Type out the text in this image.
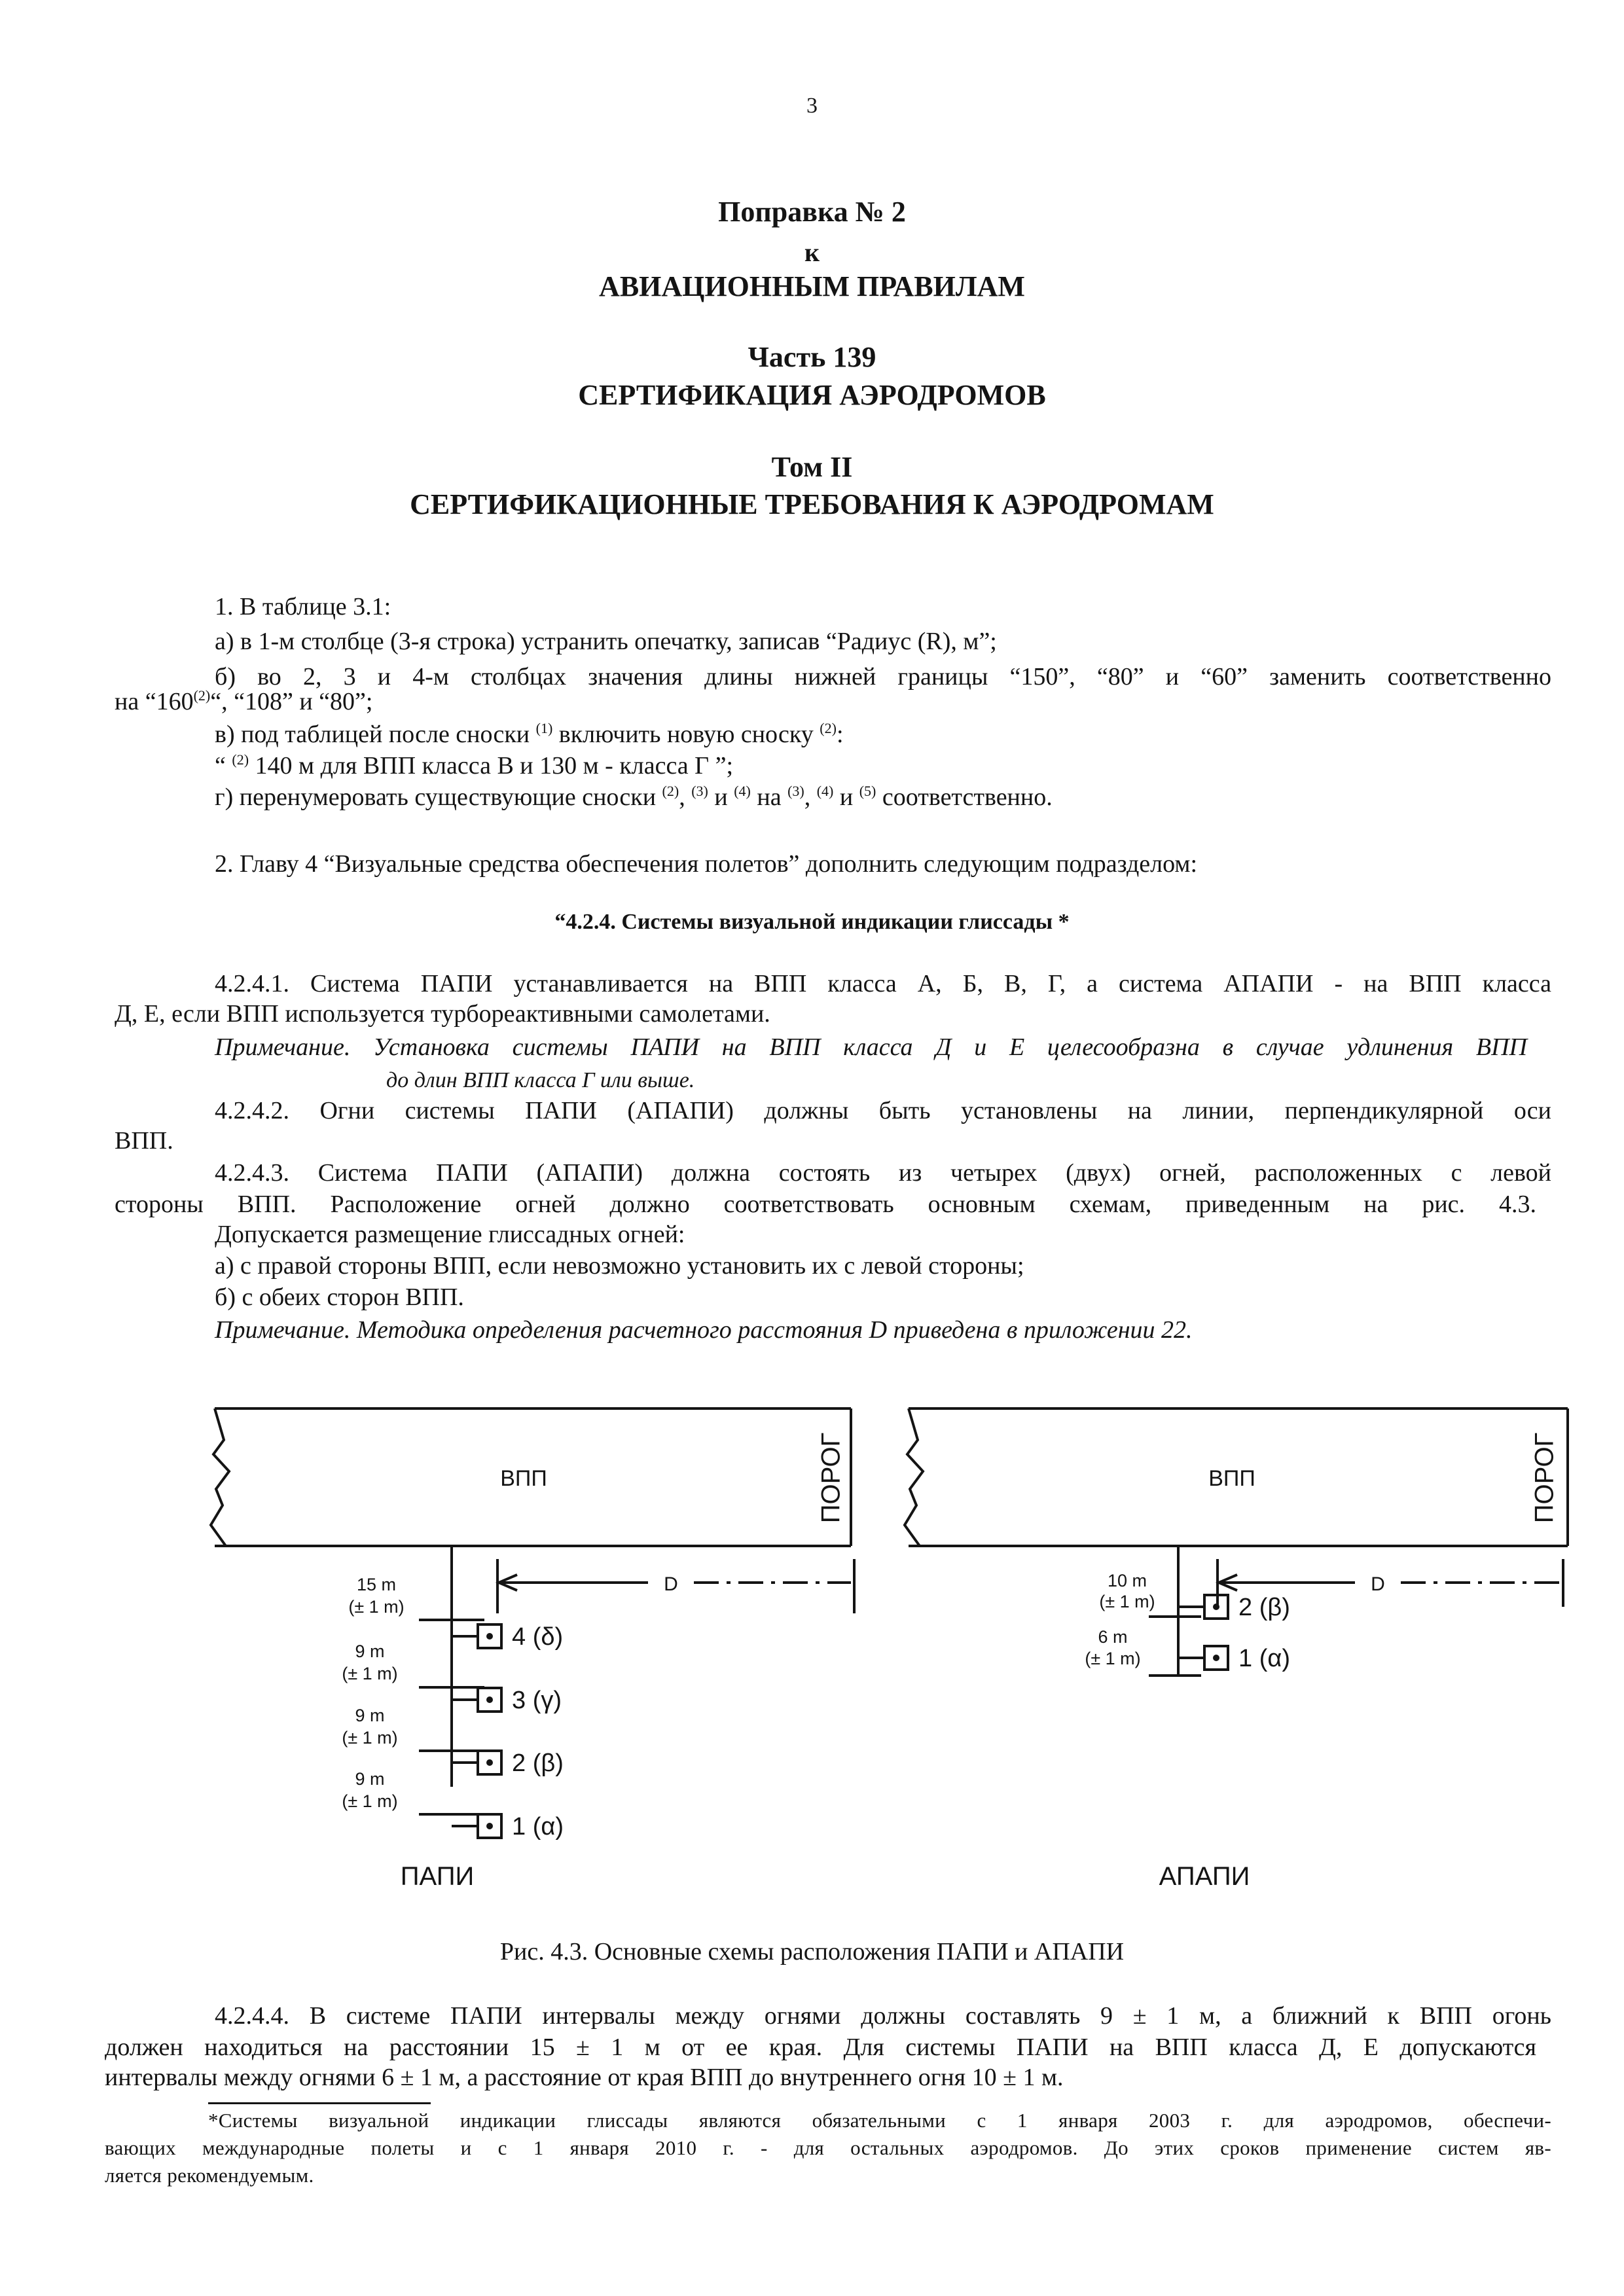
3
Поправка № 2
к
АВИАЦИОННЫМ ПРАВИЛАМ
Часть 139
СЕРТИФИКАЦИЯ АЭРОДРОМОВ
Том II
СЕРТИФИКАЦИОННЫЕ ТРЕБОВАНИЯ К АЭРОДРОМАМ
1. В таблице 3.1:
а) в 1-м столбце (3-я строка) устранить опечатку, записав “Радиус (R), м”;
б) во 2, 3 и 4-м столбцах значения длины нижней границы “150”, “80” и “60” заменить соответственно
на “160$^{(2)}$“, “108” и “80”;
в) под таблицей после сноски $^{(1)}$ включить новую сноску $^{(2)}$:
“ $^{(2)}$ 140 м для ВПП класса В и 130 м - класса Г ”;
г) перенумеровать существующие сноски $^{(2)}$, $^{(3)}$ и $^{(4)}$ на $^{(3)}$, $^{(4)}$ и $^{(5)}$ соответственно.
2. Главу 4 “Визуальные средства обеспечения полетов” дополнить следующим подразделом:
“4.2.4. Системы визуальной индикации глиссады *
4.2.4.1. Система ПАПИ устанавливается на ВПП класса А, Б, В, Г, а система АПАПИ - на ВПП класса
Д, Е, если ВПП используется турбореактивными самолетами.
Примечание. Установка системы ПАПИ на ВПП класса Д и Е целесообразна в случае удлинения ВПП
до длин ВПП класса Г или выше.
4.2.4.2. Огни системы ПАПИ (АПАПИ) должны быть установлены на линии, перпендикулярной оси
ВПП.
4.2.4.3. Система ПАПИ (АПАПИ) должна состоять из четырех (двух) огней, расположенных с левой
стороны ВПП. Расположение огней должно соответствовать основным схемам, приведенным на рис. 4.3.
Допускается размещение глиссадных огней:
а) с правой стороны ВПП, если невозможно установить их с левой стороны;
б) с обеих сторон ВПП.
Примечание. Методика определения расчетного расстояния D приведена в приложении 22.
4 (δ)
3 (γ)
2 (β)
1 (α)
2 (β)
1 (α)
ВПП	ПОРОГ
D
15 m
(± 1 m)
9 m
(± 1 m)
9 m
(± 1 m)
9 m
(± 1 m)
ВПП	ПОРОГ
D
10 m
(± 1 m)
6 m
(± 1 m)
ПАПИ	АПАПИ
Рис. 4.3. Основные схемы расположения ПАПИ и АПАПИ
4.2.4.4. В системе ПАПИ интервалы между огнями должны составлять 9 ± 1 м, а ближний к ВПП огонь
должен находиться на расстоянии 15 ± 1 м от ее края. Для системы ПАПИ на ВПП класса Д, Е допускаются
интервалы между огнями 6 ± 1 м, а расстояние от края ВПП до внутреннего огня 10 ± 1 м.
*Системы визуальной индикации глиссады являются обязательными с 1 января 2003 г. для аэродромов, обеспечи-
вающих международные полеты и с 1 января 2010 г. - для остальных аэродромов. До этих сроков применение систем яв-
ляется рекомендуемым.
